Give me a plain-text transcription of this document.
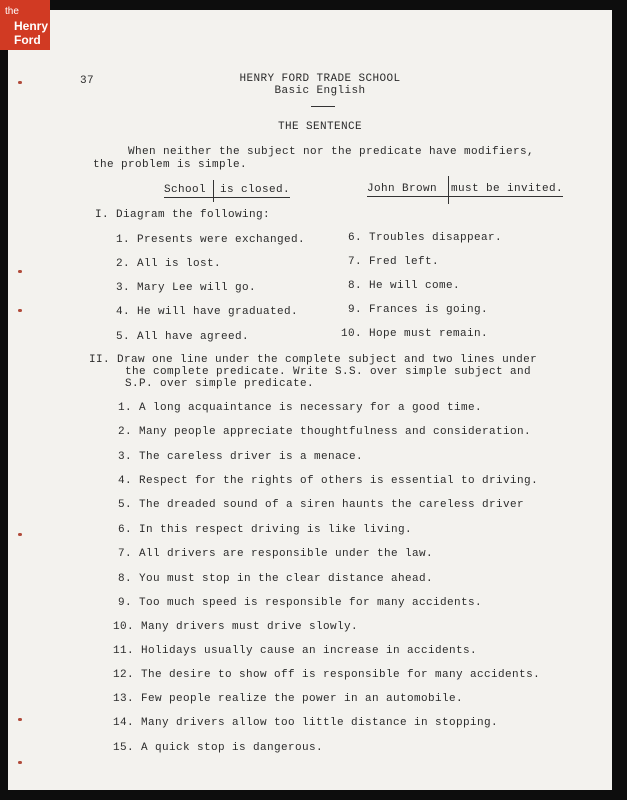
the
Henry
Ford
37	HENRY FORD TRADE SCHOOL
Basic English
THE SENTENCE
When neither the subject nor the predicate have modifiers,
the problem is simple.
School is closed.	John Brown must be invited.
I. Diagram the following:
1. Presents were exchanged.
2. All is lost.
3. Mary Lee will go.
4. He will have graduated.
5. All have agreed.
6. Troubles disappear.
7. Fred left.
8. He will come.
9. Frances is going.
10. Hope must remain.
II. Draw one line under the complete subject and two lines under
the complete predicate. Write S.S. over simple subject and
S.P. over simple predicate.
1. A long acquaintance is necessary for a good time.
2. Many people appreciate thoughtfulness and consideration.
3. The careless driver is a menace.
4. Respect for the rights of others is essential to driving.
5. The dreaded sound of a siren haunts the careless driver
6. In this respect driving is like living.
7. All drivers are responsible under the law.
8. You must stop in the clear distance ahead.
9. Too much speed is responsible for many accidents.
10. Many drivers must drive slowly.
11. Holidays usually cause an increase in accidents.
12. The desire to show off is responsible for many accidents.
13. Few people realize the power in an automobile.
14. Many drivers allow too little distance in stopping.
15. A quick stop is dangerous.
